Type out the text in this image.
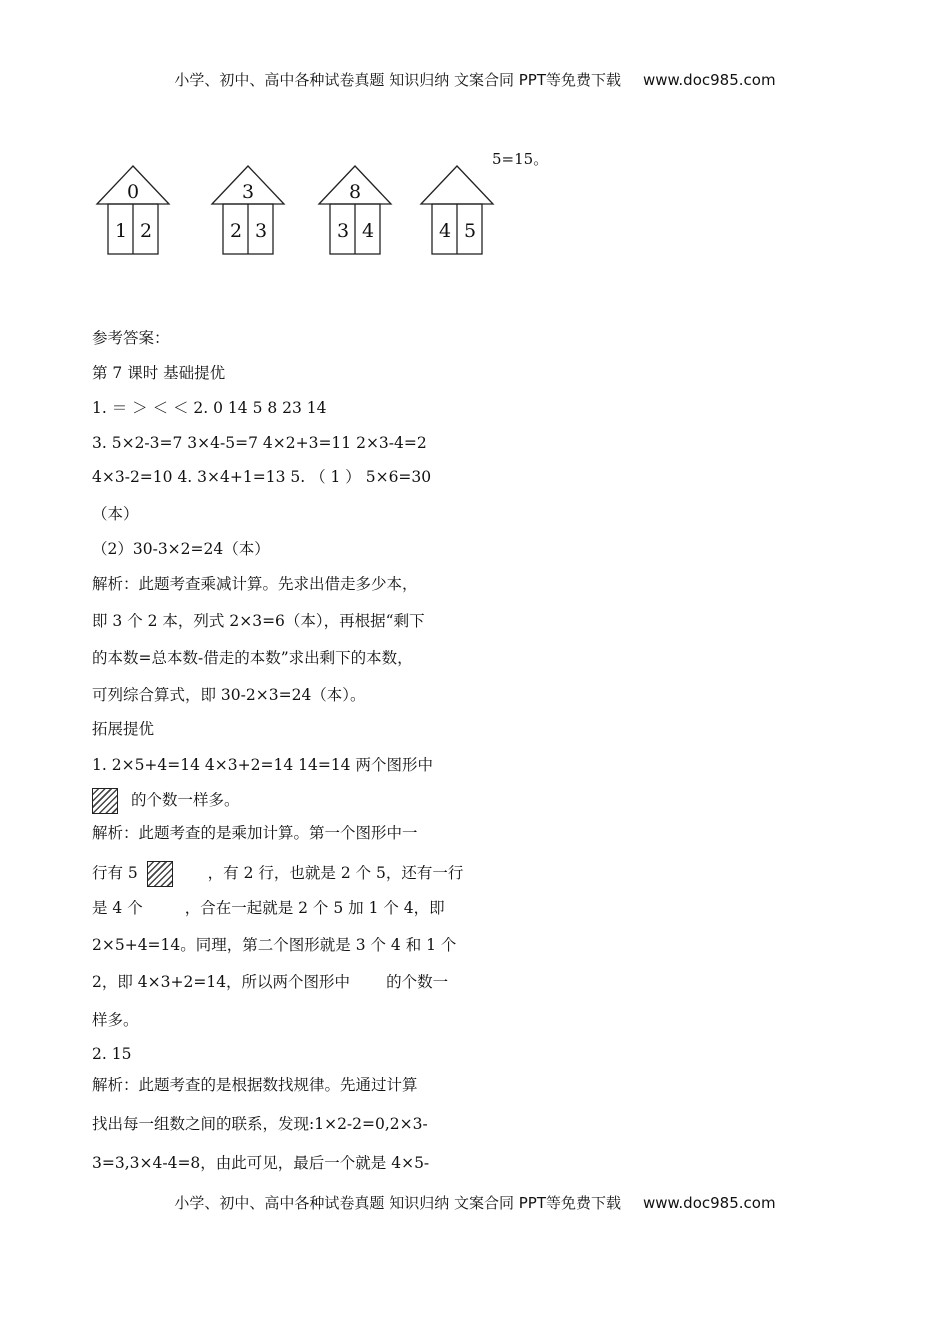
小学、初中、高中各种试卷真题 知识归纳 文案合同 PPT等免费下载 www.doc985.com
5=15。
0
1 2
3
2 3
8
3 4	4 5
参考答案：
第 7 课时 基础提优
1. ＝ ＞ ＜ ＜ 2. 0 14 5 8 23 14
3. 5×2-3=7 3×4-5=7 4×2+3=11 2×3-4=2
4×3-2=10 4. 3×4+1=13 5. （ 1 ） 5×6=30
（本）
（2）30-3×2=24（本）
解析：此题考查乘减计算。先求出借走多少本，
即 3 个 2 本，列式 2×3=6（本），再根据“剩下
的本数=总本数-借走的本数”求出剩下的本数，
可列综合算式，即 30-2×3=24（本）。
拓展提优
1. 2×5+4=14 4×3+2=14 14=14 两个图形中
的个数一样多。
解析：此题考查的是乘加计算。第一个图形中一
行有 5	，有 2 行，也就是 2 个 5，还有一行
是 4 个	，合在一起就是 2 个 5 加 1 个 4，即
2×5+4=14。同理，第二个图形就是 3 个 4 和 1 个
2，即 4×3+2=14，所以两个图形中 的个数一
样多。
2. 15
解析：此题考查的是根据数找规律。先通过计算
找出每一组数之间的联系，发现:1×2-2=0,2×3-
3=3,3×4-4=8，由此可见，最后一个就是 4×5-
小学、初中、高中各种试卷真题 知识归纳 文案合同 PPT等免费下载 www.doc985.com
